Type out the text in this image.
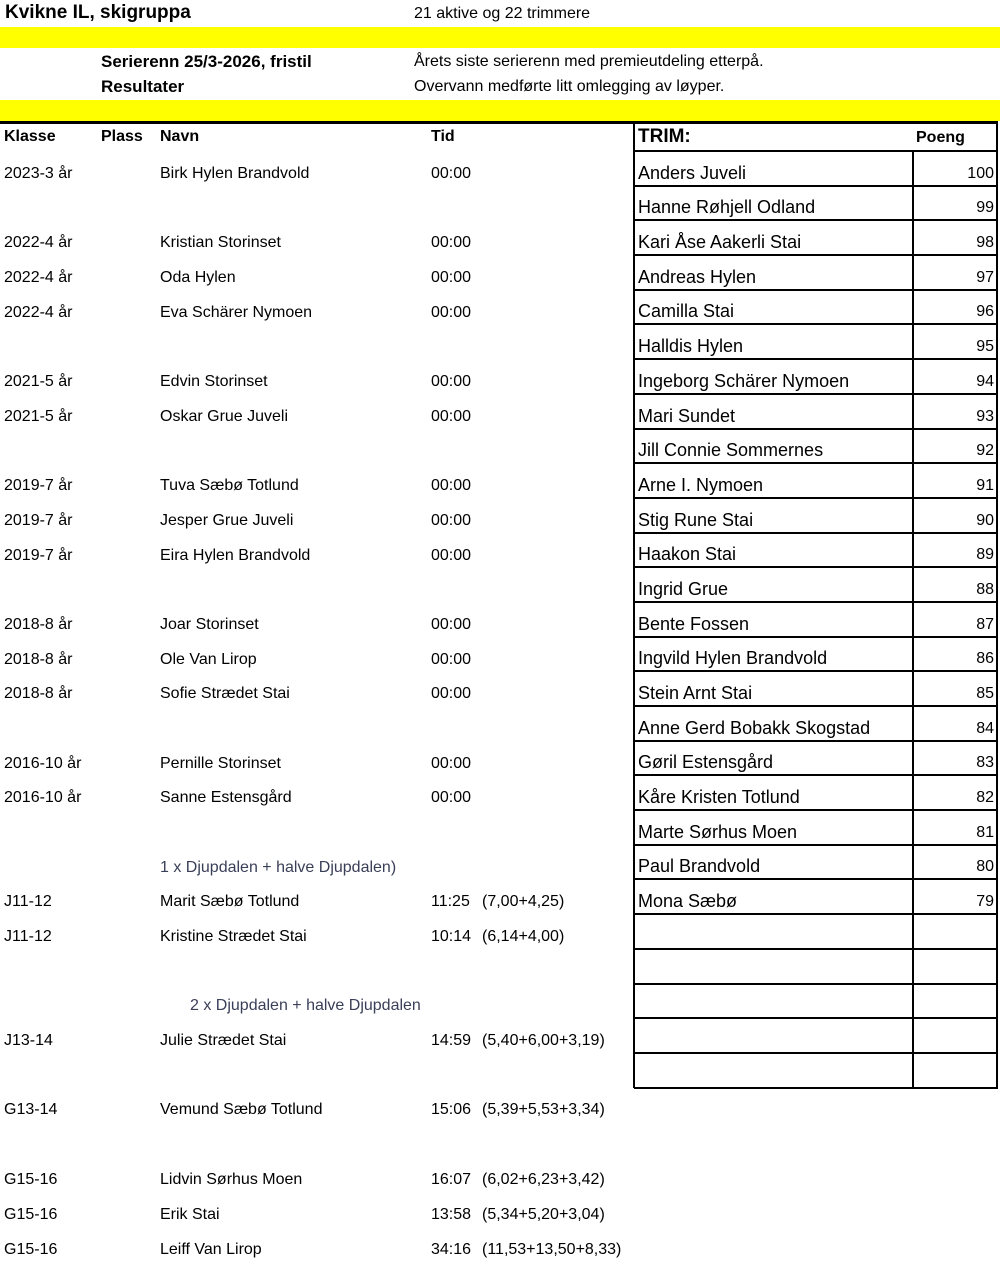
Kvikne IL, skigruppa	21 aktive og 22 trimmere
Serierenn 25/3-2026, fristil
Resultater
Årets siste serierenn med premieutdeling etterpå.
Overvann medførte litt omlegging av løyper.
Klasse	Plass Navn	Tid
2023-3 år	Birk Hylen Brandvold	00:00
2022-4 år	Kristian Storinset	00:00
2022-4 år	Oda Hylen	00:00
2022-4 år	Eva Schärer Nymoen	00:00
2021-5 år	Edvin Storinset	00:00
2021-5 år	Oskar Grue Juveli	00:00
2019-7 år	Tuva Sæbø Totlund	00:00
2019-7 år	Jesper Grue Juveli	00:00
2019-7 år	Eira Hylen Brandvold	00:00
2018-8 år	Joar Storinset	00:00
2018-8 år	Ole Van Lirop	00:00
2018-8 år	Sofie Strædet Stai	00:00
2016-10 år	Pernille Storinset	00:00
2016-10 år	Sanne Estensgård	00:00
1 x Djupdalen + halve Djupdalen)
J11-12	Marit Sæbø Totlund	11:25 (7,00+4,25)
J11-12	Kristine Strædet Stai	10:14 (6,14+4,00)
2 x Djupdalen + halve Djupdalen
J13-14	Julie Strædet Stai	14:59 (5,40+6,00+3,19)
G13-14	Vemund Sæbø Totlund	15:06 (5,39+5,53+3,34)
G15-16	Lidvin Sørhus Moen	16:07 (6,02+6,23+3,42)
G15-16	Erik Stai	13:58 (5,34+5,20+3,04)
G15-16	Leiff Van Lirop	34:16 (11,53+13,50+8,33)
TRIM:	Poeng
Anders Juveli	100
Hanne Røhjell Odland	99
Kari Åse Aakerli Stai	98
Andreas Hylen	97
Camilla Stai	96
Halldis Hylen	95
Ingeborg Schärer Nymoen	94
Mari Sundet	93
Jill Connie Sommernes	92
Arne I. Nymoen	91
Stig Rune Stai	90
Haakon Stai	89
Ingrid Grue	88
Bente Fossen	87
Ingvild Hylen Brandvold	86
Stein Arnt Stai	85
Anne Gerd Bobakk Skogstad	84
Gøril Estensgård	83
Kåre Kristen Totlund	82
Marte Sørhus Moen	81
Paul Brandvold	80
Mona Sæbø	79
